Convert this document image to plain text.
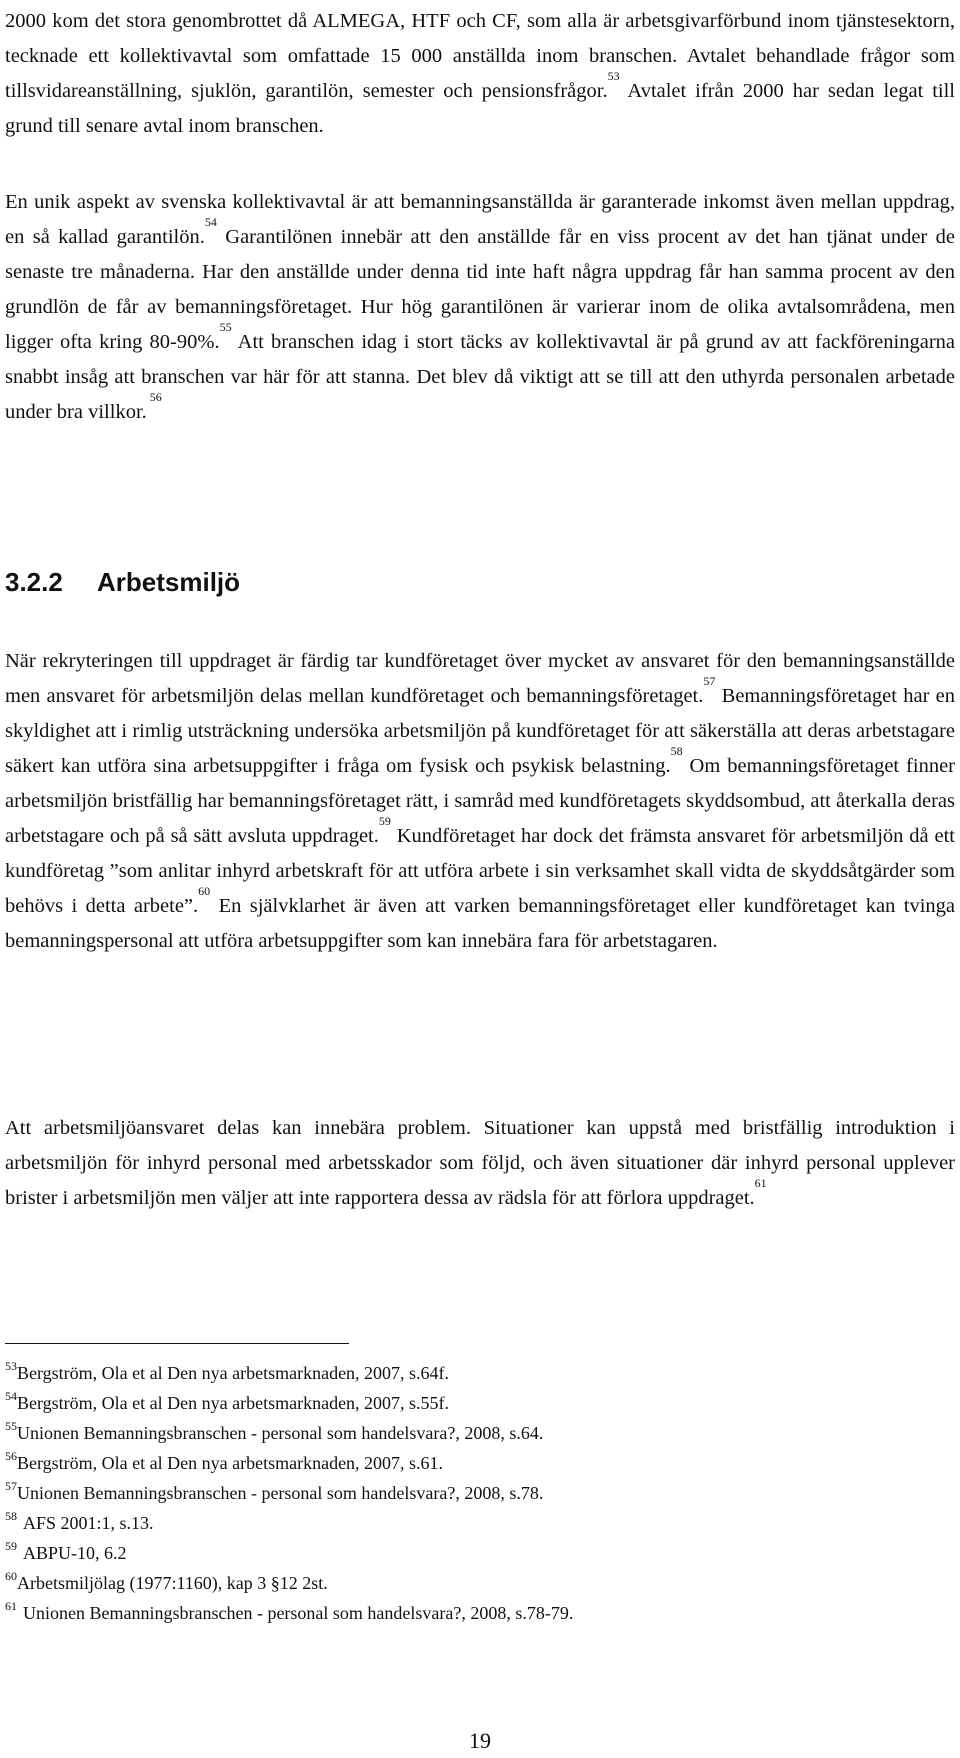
2000 kom det stora genombrottet då ALMEGA, HTF och CF, som alla är arbetsgivarförbund inom tjänstesektorn, tecknade ett kollektivavtal som omfattade 15 000 anställda inom branschen. Avtalet behandlade frågor som tillsvidareanställning, sjuklön, garantilön, semester och pensionsfrågor.$^{53}$ Avtalet ifrån 2000 har sedan legat till grund till senare avtal inom branschen.

En unik aspekt av svenska kollektivavtal är att bemanningsanställda är garanterade inkomst även mellan uppdrag, en så kallad garantilön.$^{54}$ Garantilönen innebär att den anställde får en viss procent av det han tjänat under de senaste tre månaderna. Har den anställde under denna tid inte haft några uppdrag får han samma procent av den grundlön de får av bemanningsföretaget. Hur hög garantilönen är varierar inom de olika avtalsområdena, men ligger ofta kring 80-90%.$^{55}$ Att branschen idag i stort täcks av kollektivavtal är på grund av att fackföreningarna snabbt insåg att branschen var här för att stanna. Det blev då viktigt att se till att den uthyrda personalen arbetade under bra villkor. $^{56}$

3.2.2 Arbetsmiljö

När rekryteringen till uppdraget är färdig tar kundföretaget över mycket av ansvaret för den bemanningsanställde men ansvaret för arbetsmiljön delas mellan kundföretaget och bemanningsföretaget.$^{57}$ Bemanningsföretaget har en skyldighet att i rimlig utsträckning undersöka arbetsmiljön på kundföretaget för att säkerställa att deras arbetstagare säkert kan utföra sina arbetsuppgifter i fråga om fysisk och psykisk belastning.$^{58}$ Om bemanningsföretaget finner arbetsmiljön bristfällig har bemanningsföretaget rätt, i samråd med kundföretagets skyddsombud, att återkalla deras arbetstagare och på så sätt avsluta uppdraget.$^{59}$ Kundföretaget har dock det främsta ansvaret för arbetsmiljön då ett kundföretag ”som anlitar inhyrd arbetskraft för att utföra arbete i sin verksamhet skall vidta de skyddsåtgärder som behövs i detta arbete”.$^{60}$ En självklarhet är även att varken bemanningsföretaget eller kundföretaget kan tvinga bemanningspersonal att utföra arbetsuppgifter som kan innebära fara för arbetstagaren.

Att arbetsmiljöansvaret delas kan innebära problem. Situationer kan uppstå med bristfällig introduktion i arbetsmiljön för inhyrd personal med arbetsskador som följd, och även situationer där inhyrd personal upplever brister i arbetsmiljön men väljer att inte rapportera dessa av rädsla för att förlora uppdraget.$^{61}$

$^{53}$Bergström, Ola et al Den nya arbetsmarknaden, 2007, s.64f.
$^{54}$Bergström, Ola et al Den nya arbetsmarknaden, 2007, s.55f.
$^{55}$Unionen Bemanningsbranschen - personal som handelsvara?, 2008, s.64.
$^{56}$Bergström, Ola et al Den nya arbetsmarknaden, 2007, s.61.
$^{57}$Unionen Bemanningsbranschen - personal som handelsvara?, 2008, s.78.
$^{58}$ AFS 2001:1, s.13.
$^{59}$ ABPU-10, 6.2
$^{60}$Arbetsmiljölag (1977:1160), kap 3 §12 2st.
$^{61}$ Unionen Bemanningsbranschen - personal som handelsvara?, 2008, s.78-79.
19
